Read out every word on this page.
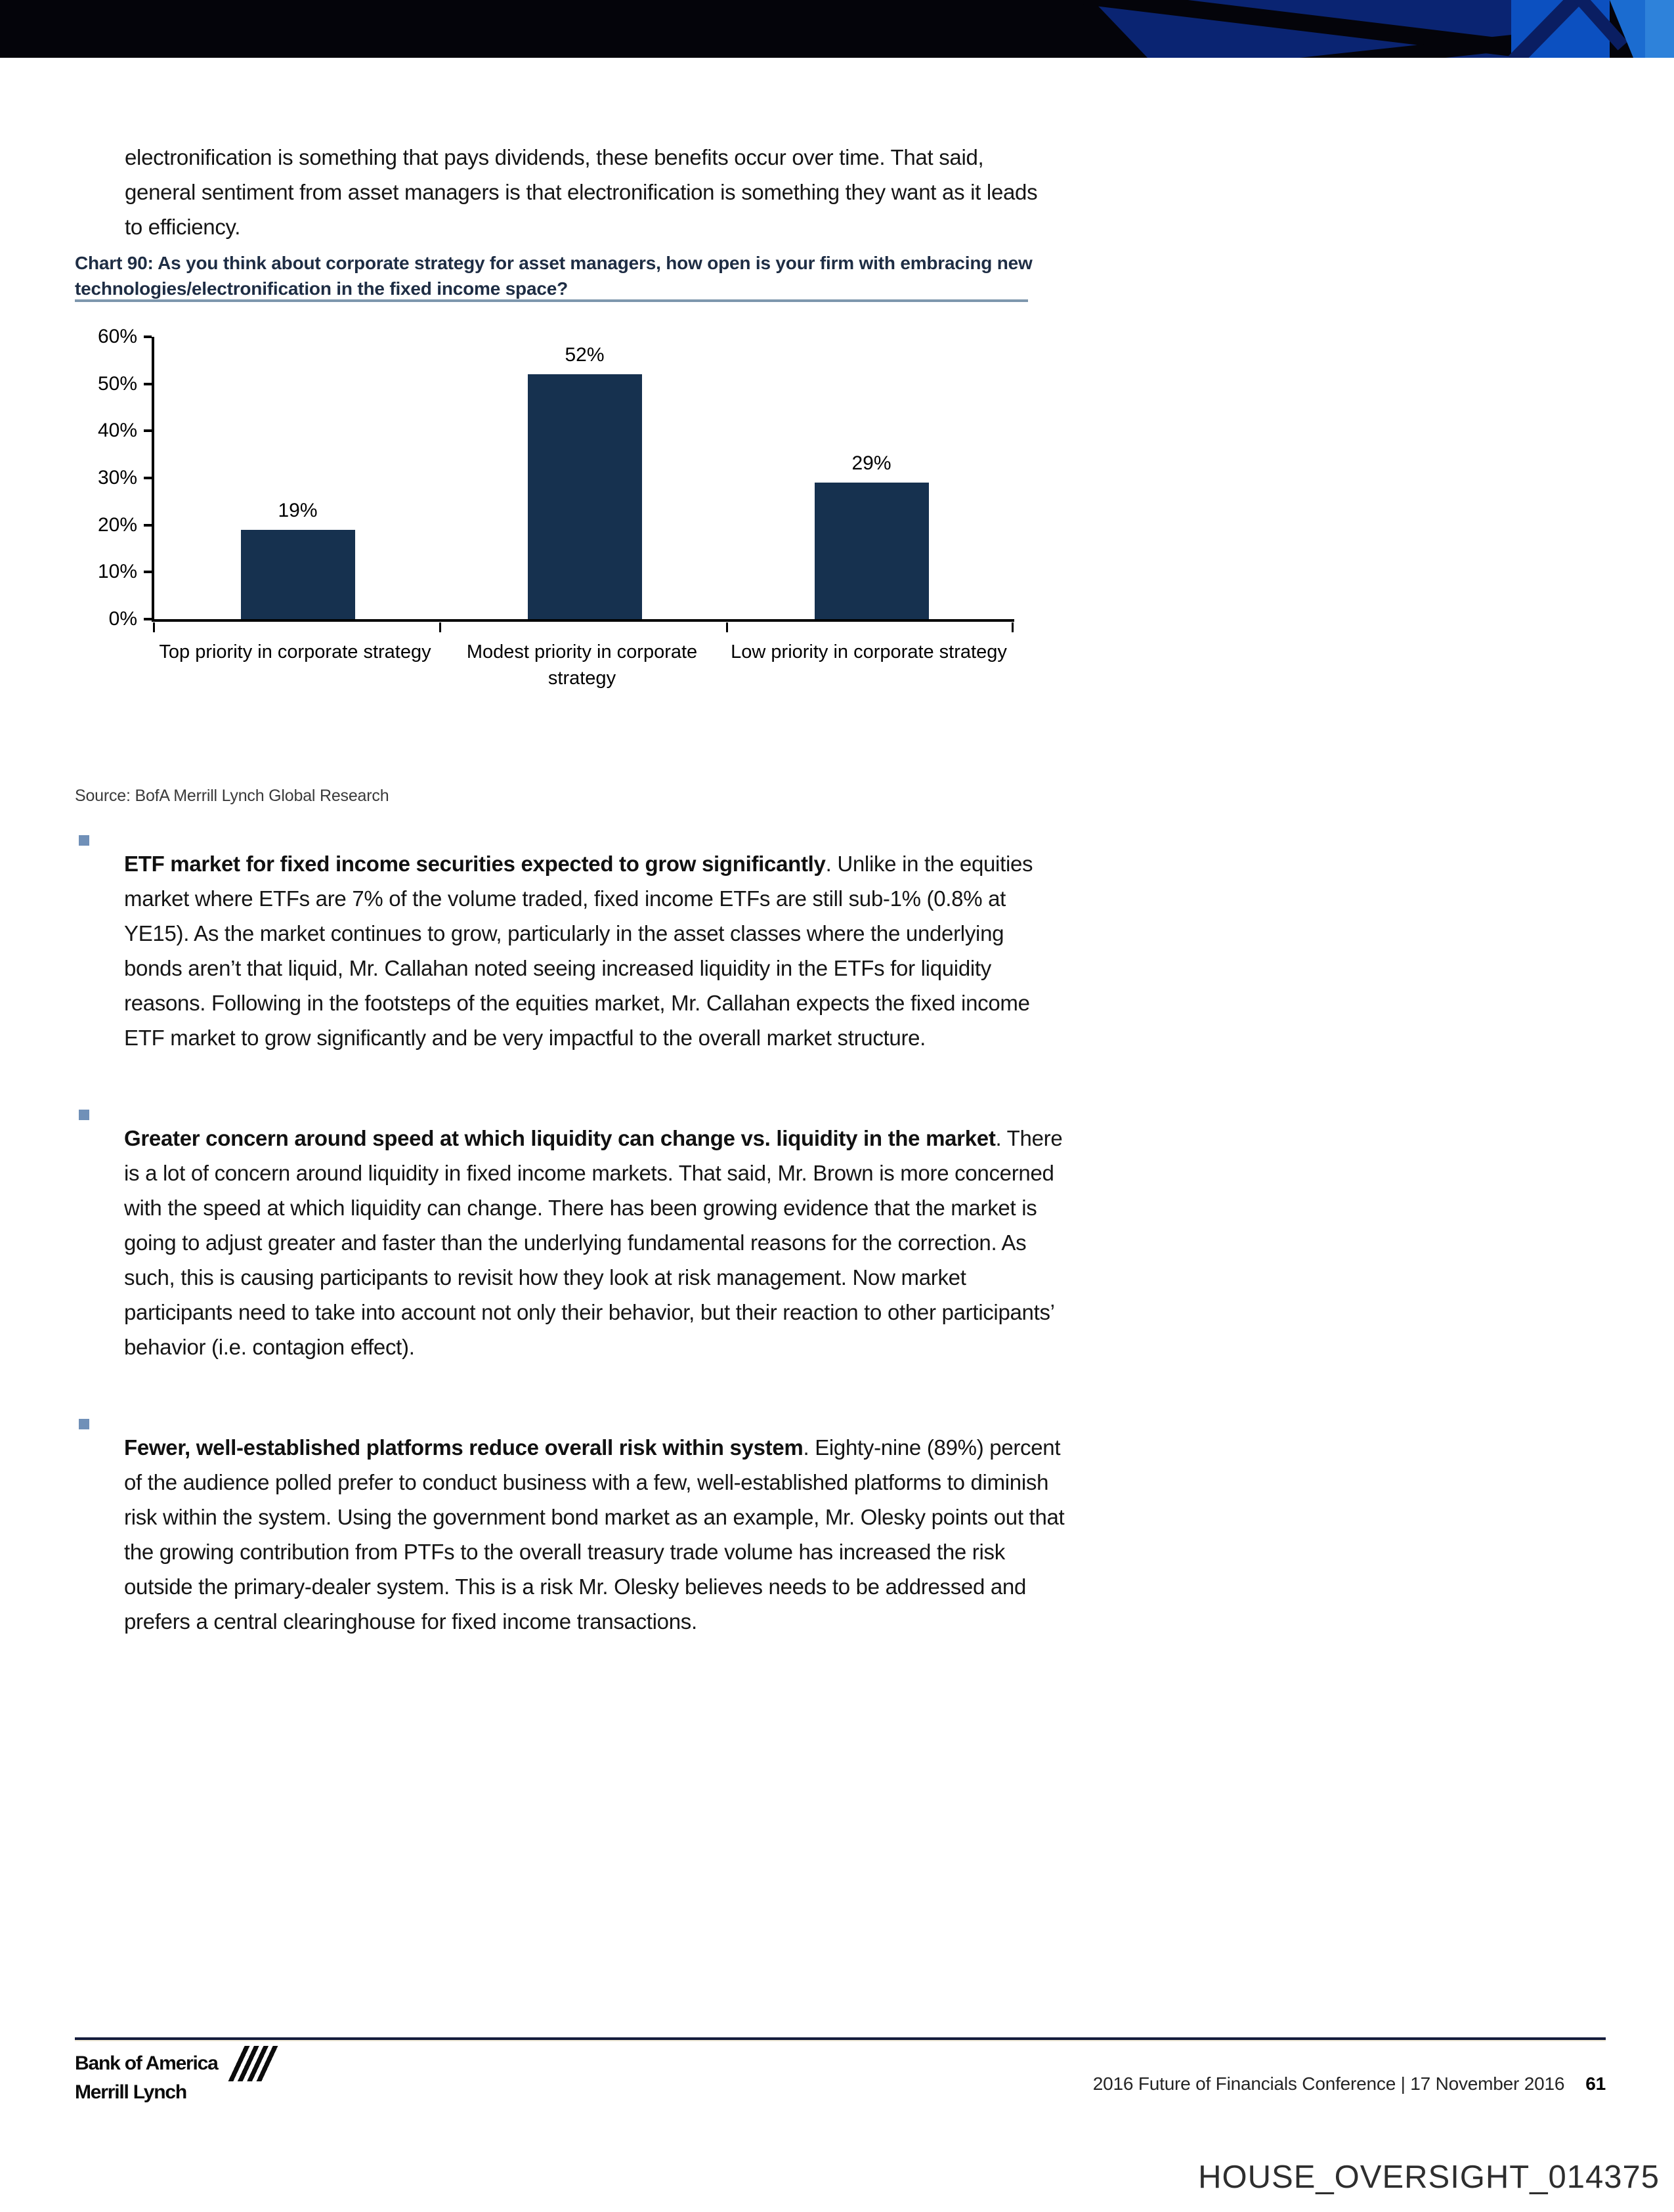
electronification is something that pays dividends, these benefits occur over time. That said, general sentiment from asset managers is that electronification is something they want as it leads to efficiency.

Chart 90: As you think about corporate strategy for asset managers, how open is your firm with embracing new technologies/electronification in the fixed income space?
60%
50%
40%
30%
20%
10%
0%
19%
52%
29%
Top priority in corporate strategy	Modest priority in corporate strategy
Low priority in corporate strategy
Source: BofA Merrill Lynch Global Research

ETF market for fixed income securities expected to grow significantly. Unlike in the equities market where ETFs are 7% of the volume traded, fixed income ETFs are still sub-1% (0.8% at YE15). As the market continues to grow, particularly in the asset classes where the underlying bonds aren’t that liquid, Mr. Callahan noted seeing increased liquidity in the ETFs for liquidity reasons. Following in the footsteps of the equities market, Mr. Callahan expects the fixed income ETF market to grow significantly and be very impactful to the overall market structure.

Greater concern around speed at which liquidity can change vs. liquidity in the market. There is a lot of concern around liquidity in fixed income markets. That said, Mr. Brown is more concerned with the speed at which liquidity can change. There has been growing evidence that the market is going to adjust greater and faster than the underlying fundamental reasons for the correction. As such, this is causing participants to revisit how they look at risk management. Now market participants need to take into account not only their behavior, but their reaction to other participants’ behavior (i.e. contagion effect).

Fewer, well-established platforms reduce overall risk within system. Eighty-nine (89%) percent of the audience polled prefer to conduct business with a few, well-established platforms to diminish risk within the system. Using the government bond market as an example, Mr. Olesky points out that the growing contribution from PTFs to the overall treasury trade volume has increased the risk outside the primary-dealer system. This is a risk Mr. Olesky believes needs to be addressed and prefers a central clearinghouse for fixed income transactions.

Bank of America
Merrill Lynch	2016 Future of Financials Conference | 17 November 2016 61
HOUSE_OVERSIGHT_014375
